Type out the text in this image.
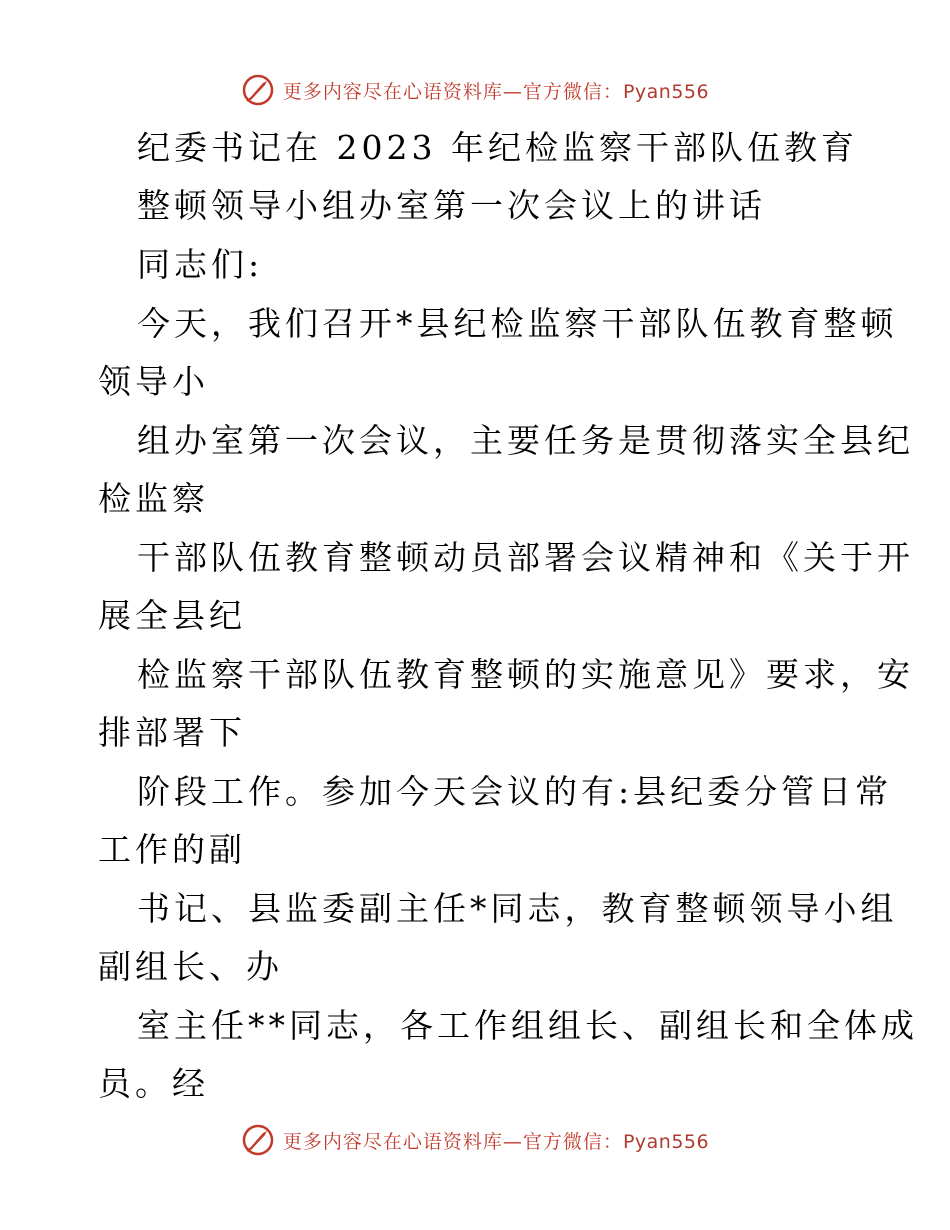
更多内容尽在心语资料库—官方微信：Pyan556
纪委书记在 2023 年纪检监察干部队伍教育
整顿领导小组办室第一次会议上的讲话
同志们:
今天，我们召开*县纪检监察干部队伍教育整顿
领导小
组办室第一次会议，主要任务是贯彻落实全县纪
检监察
干部队伍教育整顿动员部署会议精神和《关于开
展全县纪
检监察干部队伍教育整顿的实施意见》要求，安
排部署下
阶段工作。参加今天会议的有:县纪委分管日常
工作的副
书记、县监委副主任*同志，教育整顿领导小组
副组长、办
室主任**同志，各工作组组长、副组长和全体成
员。经
更多内容尽在心语资料库—官方微信：Pyan556
